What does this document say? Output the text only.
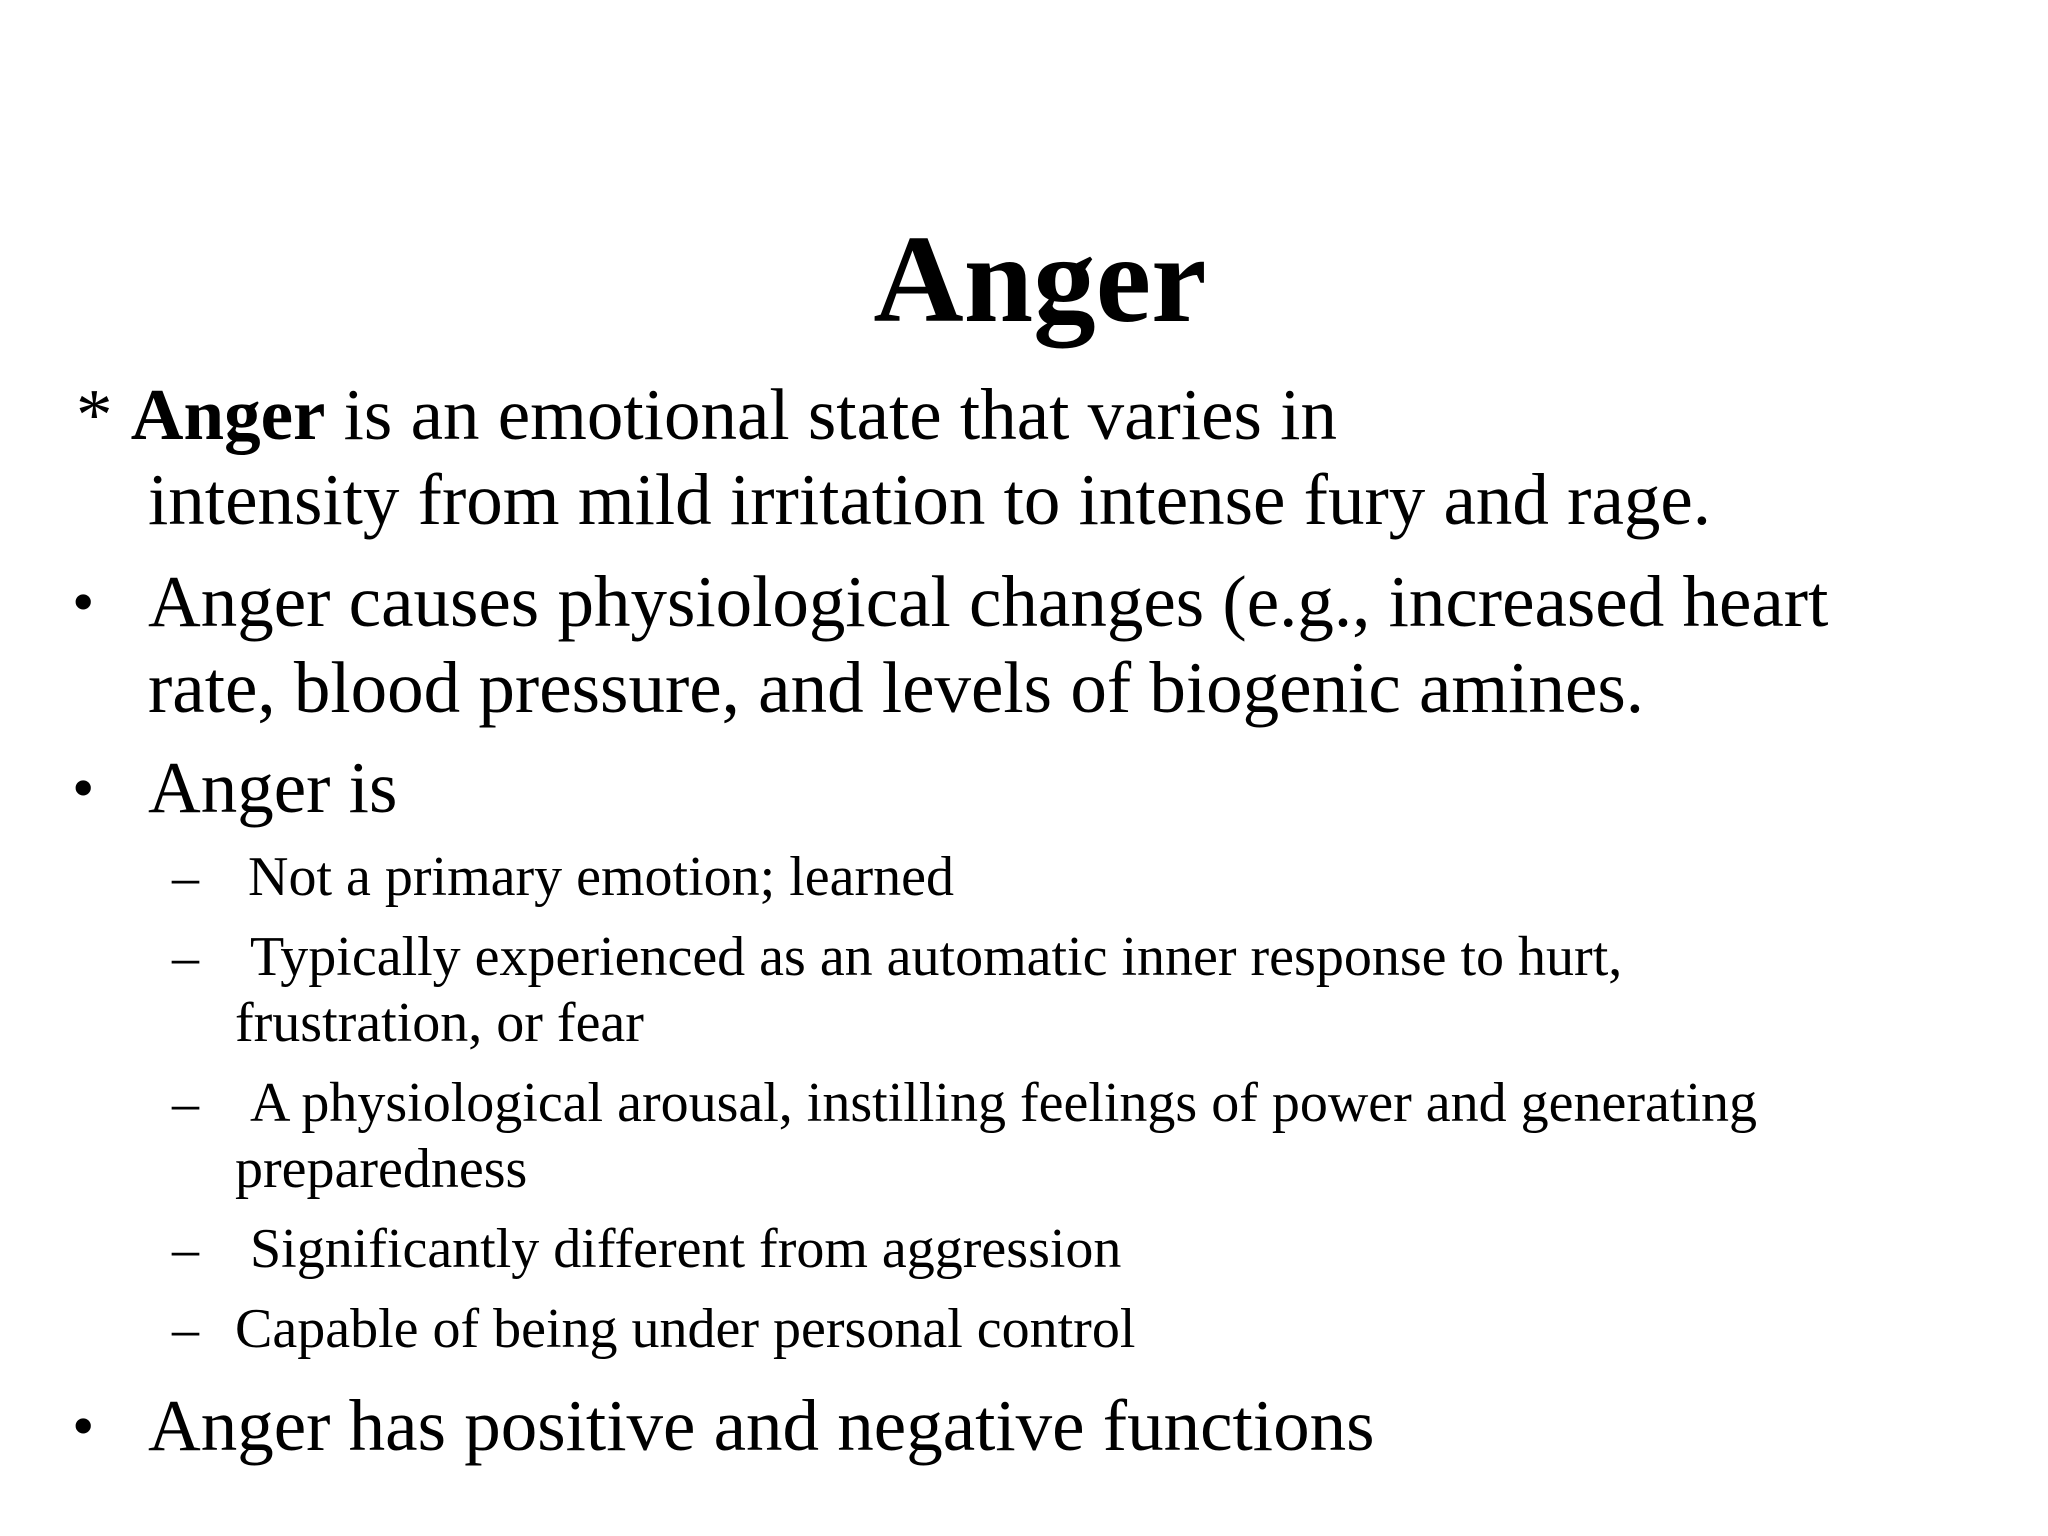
Anger

* Anger is an emotional state that varies in

intensity from mild irritation to intense fury and rage.

• Anger causes physiological changes (e.g., increased heart

rate, blood pressure, and levels of biogenic amines.

• Anger is

– Not a primary emotion; learned

– Typically experienced as an automatic inner response to hurt,

frustration, or fear

– A physiological arousal, instilling feelings of power and generating

preparedness

– Significantly different from aggression

– Capable of being under personal control

• Anger has positive and negative functions
